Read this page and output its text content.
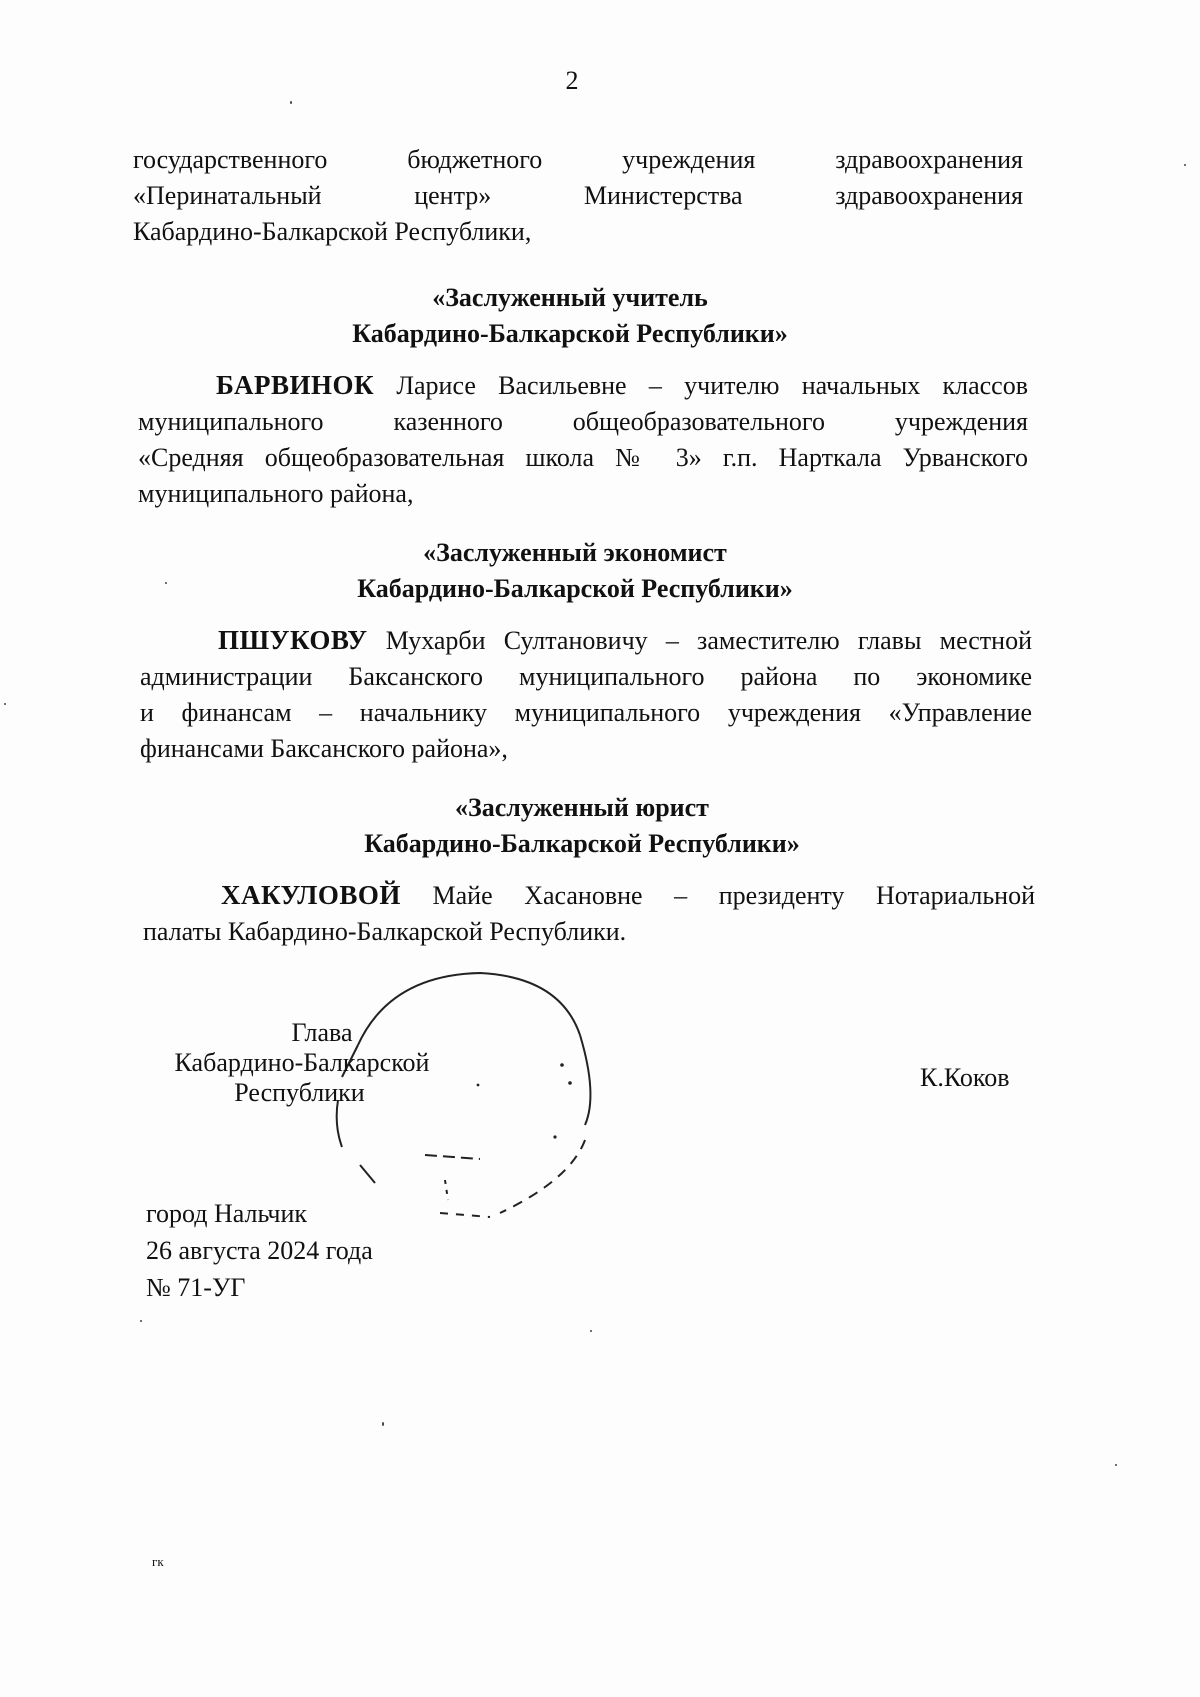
2
государственного бюджетного учреждения здравоохранения
«Перинатальный центр» Министерства здравоохранения
Кабардино-Балкарской Республики,
«Заслуженный учитель
Кабардино-Балкарской Республики»
БАРВИНОК Ларисе Васильевне – учителю начальных классов
муниципального казенного общеобразовательного учреждения
«Средняя общеобразовательная школа № 3» г.п. Нарткала Урванского
муниципального района,
«Заслуженный экономист
Кабардино-Балкарской Республики»
ПШУКОВУ Мухарби Султановичу – заместителю главы местной
администрации Баксанского муниципального района по экономике
и финансам – начальнику муниципального учреждения «Управление
финансами Баксанского района»,
«Заслуженный юрист
Кабардино-Балкарской Республики»
ХАКУЛОВОЙ Майе Хасановне – президенту Нотариальной
палаты Кабардино-Балкарской Республики.
Глава
Кабардино-Балкарской
Республики
К.Коков
город Нальчик
26 августа 2024 года
№ 71-УГ
гк
